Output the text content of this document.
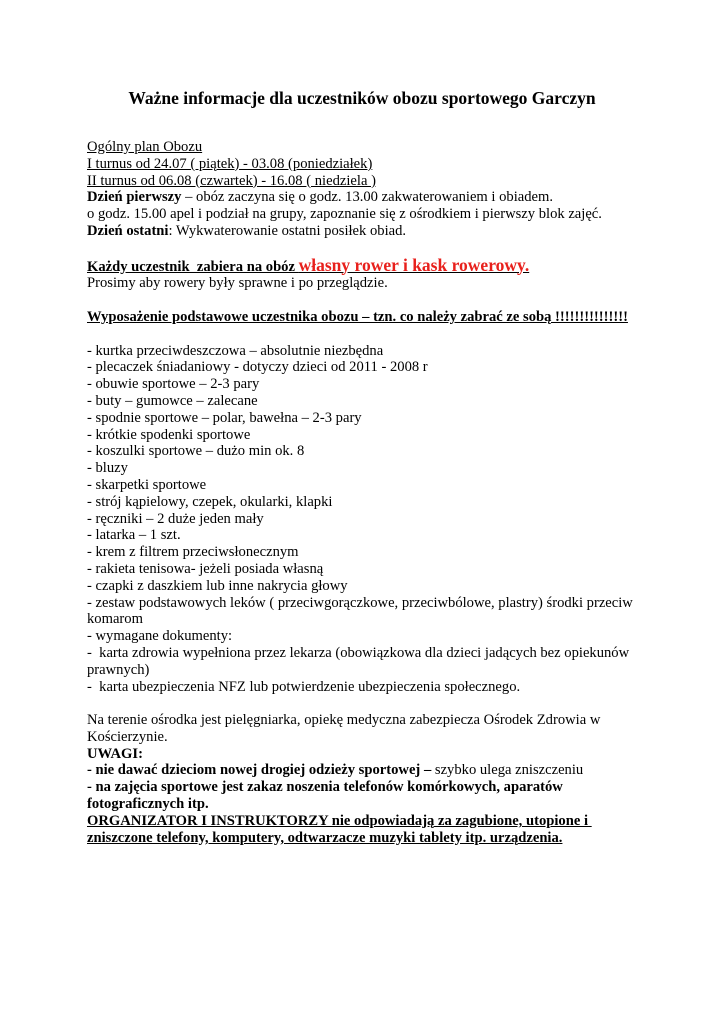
Ważne informacje dla uczestników obozu sportowego Garczyn
Ogólny plan Obozu
I turnus od 24.07 ( piątek) - 03.08 (poniedziałek)
II turnus od 06.08 (czwartek) - 16.08 ( niedziela )
Dzień pierwszy – obóz zaczyna się o godz. 13.00 zakwaterowaniem i obiadem.
o godz. 15.00 apel i podział na grupy, zapoznanie się z ośrodkiem i pierwszy blok zajęć.
Dzień ostatni: Wykwaterowanie ostatni posiłek obiad.
Każdy uczestnik  zabiera na obóz własny rower i kask rowerowy.
Prosimy aby rowery były sprawne i po przeglądzie.
Wyposażenie podstawowe uczestnika obozu – tzn. co należy zabrać ze sobą !!!!!!!!!!!!!!!
- kurtka przeciwdeszczowa – absolutnie niezbędna
- plecaczek śniadaniowy - dotyczy dzieci od 2011 - 2008 r
- obuwie sportowe – 2-3 pary
- buty – gumowce – zalecane
- spodnie sportowe – polar, bawełna – 2-3 pary
- krótkie spodenki sportowe
- koszulki sportowe – dużo min ok. 8
- bluzy
- skarpetki sportowe
- strój kąpielowy, czepek, okularki, klapki
- ręczniki – 2 duże jeden mały
- latarka – 1 szt.
- krem z filtrem przeciwsłonecznym
- rakieta tenisowa- jeżeli posiada własną
- czapki z daszkiem lub inne nakrycia głowy
- zestaw podstawowych leków ( przeciwgorączkowe, przeciwbólowe, plastry) środki przeciw komarom
- wymagane dokumenty:
-  karta zdrowia wypełniona przez lekarza (obowiązkowa dla dzieci jadących bez opiekunów prawnych)
-  karta ubezpieczenia NFZ lub potwierdzenie ubezpieczenia społecznego.
Na terenie ośrodka jest pielęgniarka, opiekę medyczna zabezpiecza Ośrodek Zdrowia w Kościerzynie.
UWAGI:
- nie dawać dzieciom nowej drogiej odzieży sportowej – szybko ulega zniszczeniu
- na zajęcia sportowe jest zakaz noszenia telefonów komórkowych, aparatów fotograficznych itp.
ORGANIZATOR I INSTRUKTORZY nie odpowiadają za zagubione, utopione i zniszczone telefony, komputery, odtwarzacze muzyki tablety itp. urządzenia.
